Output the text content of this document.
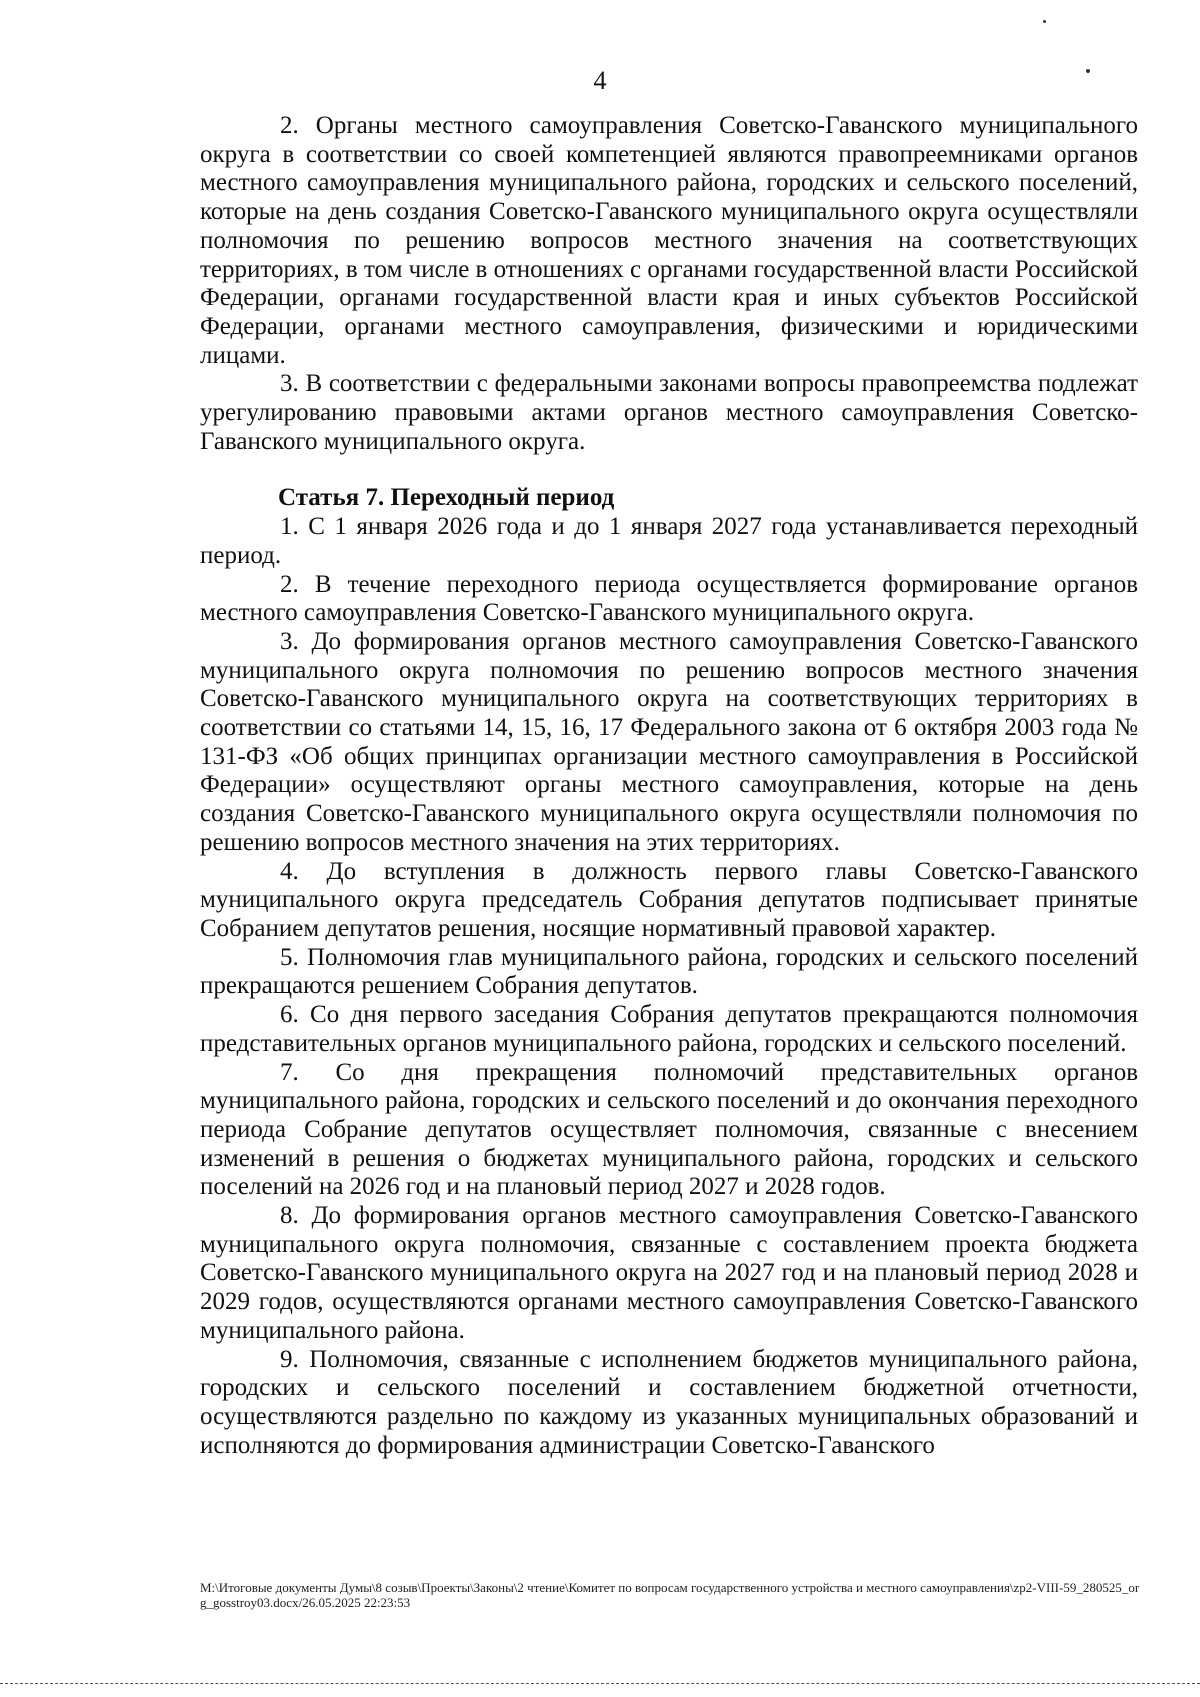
4

2. Органы местного самоуправления Советско-Гаванского муниципального округа в соответствии со своей компетенцией являются правопреемниками органов местного самоуправления муниципального района, городских и сельского поселений, которые на день создания Советско-Гаванского муниципального округа осуществляли полномочия по решению вопросов местного значения на соответствующих территориях, в том числе в отношениях с органами государственной власти Российской Федерации, органами государственной власти края и иных субъектов Российской Федерации, органами местного самоуправления, физическими и юридическими лицами.

3. В соответствии с федеральными законами вопросы правопреемства подлежат урегулированию правовыми актами органов местного самоуправления Советско-Гаванского муниципального округа.

Статья 7. Переходный период

1. С 1 января 2026 года и до 1 января 2027 года устанавливается переходный период.

2. В течение переходного периода осуществляется формирование органов местного самоуправления Советско-Гаванского муниципального округа.

3. До формирования органов местного самоуправления Советско-Гаванского муниципального округа полномочия по решению вопросов местного значения Советско-Гаванского муниципального округа на соответствующих территориях в соответствии со статьями 14, 15, 16, 17 Федерального закона от 6 октября 2003 года № 131-ФЗ «Об общих принципах организации местного самоуправления в Российской Федерации» осуществляют органы местного самоуправления, которые на день создания Советско-Гаванского муниципального округа осуществляли полномочия по решению вопросов местного значения на этих территориях.

4. До вступления в должность первого главы Советско-Гаванского муниципального округа председатель Собрания депутатов подписывает принятые Собранием депутатов решения, носящие нормативный правовой характер.

5. Полномочия глав муниципального района, городских и сельского поселений прекращаются решением Собрания депутатов.

6. Со дня первого заседания Собрания депутатов прекращаются полномочия представительных органов муниципального района, городских и сельского поселений.

7. Со дня прекращения полномочий представительных органов муниципального района, городских и сельского поселений и до окончания переходного периода Собрание депутатов осуществляет полномочия, связанные с внесением изменений в решения о бюджетах муниципального района, городских и сельского поселений на 2026 год и на плановый период 2027 и 2028 годов.

8. До формирования органов местного самоуправления Советско-Гаванского муниципального округа полномочия, связанные с составлением проекта бюджета Советско-Гаванского муниципального округа на 2027 год и на плановый период 2028 и 2029 годов, осуществляются органами местного самоуправления Советско-Гаванского муниципального района.

9. Полномочия, связанные с исполнением бюджетов муниципального района, городских и сельского поселений и составлением бюджетной отчетности, осуществляются раздельно по каждому из указанных муниципальных образований и исполняются до формирования администрации Советско-Гаванского

M:\Итоговые документы Думы\8 созыв\Проекты\Законы\2 чтение\Комитет по вопросам государственного устройства и местного самоуправления\zp2-VIII-59_280525_org_gosstroy03.docx/26.05.2025 22:23:53
